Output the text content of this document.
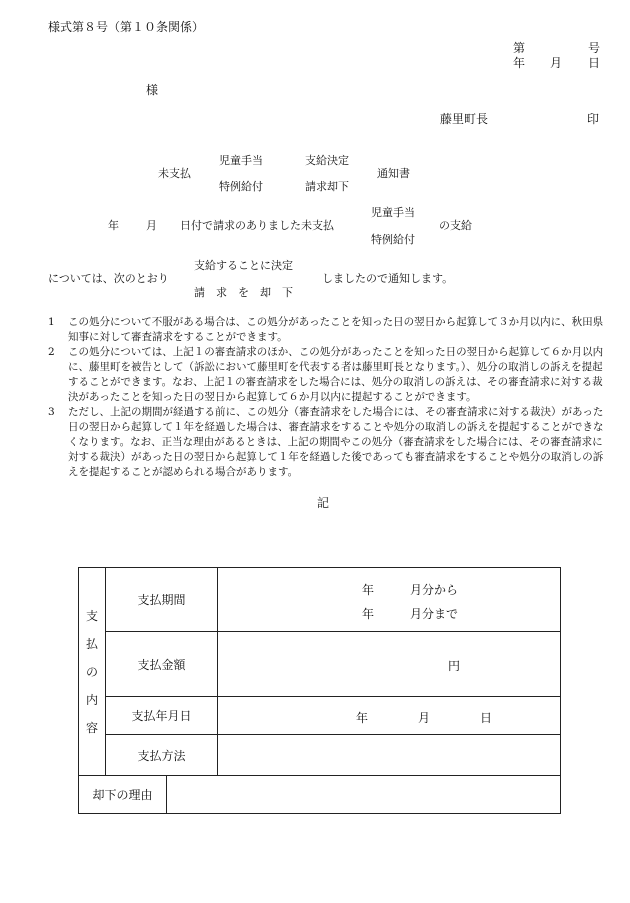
様式第８号（第１０条関係）
第	号
年 月 日
様
藤里町長	印
未支払
児童手当
特例給付
支給決定
請求却下
通知書
年 月 日付で請求のありました未支払
児童手当
特例給付
の支給
については、次のとおり
支給することに決定
請　求　を　却　下
しましたので通知します。
1	この処分について不服がある場合は、この処分があったことを知った日の翌日から起算して３か月以内に、秋田県知事に対して審査請求をすることができます。
2	この処分については、上記１の審査請求のほか、この処分があったことを知った日の翌日から起算して６か月以内に、藤里町を被告として（訴訟において藤里町を代表する者は藤里町長となります。）、処分の取消しの訴えを提起することができます。なお、上記１の審査請求をした場合には、処分の取消しの訴えは、その審査請求に対する裁決があったことを知った日の翌日から起算して６か月以内に提起することができます。
3	ただし、上記の期間が経過する前に、この処分（審査請求をした場合には、その審査請求に対する裁決）があった日の翌日から起算して１年を経過した場合は、審査請求をすることや処分の取消しの訴えを提起することができなくなります。なお、正当な理由があるときは、上記の期間やこの処分（審査請求をした場合には、その審査請求に対する裁決）があった日の翌日から起算して１年を経過した後であっても審査請求をすることや処分の取消しの訴えを提起することが認められる場合があります。
記
支
払
の
内
容	支払期間	年 月分から
年 月分まで

	支払金額	円

	支払年月日	年 月 日

	支払方法	
却下の理由
